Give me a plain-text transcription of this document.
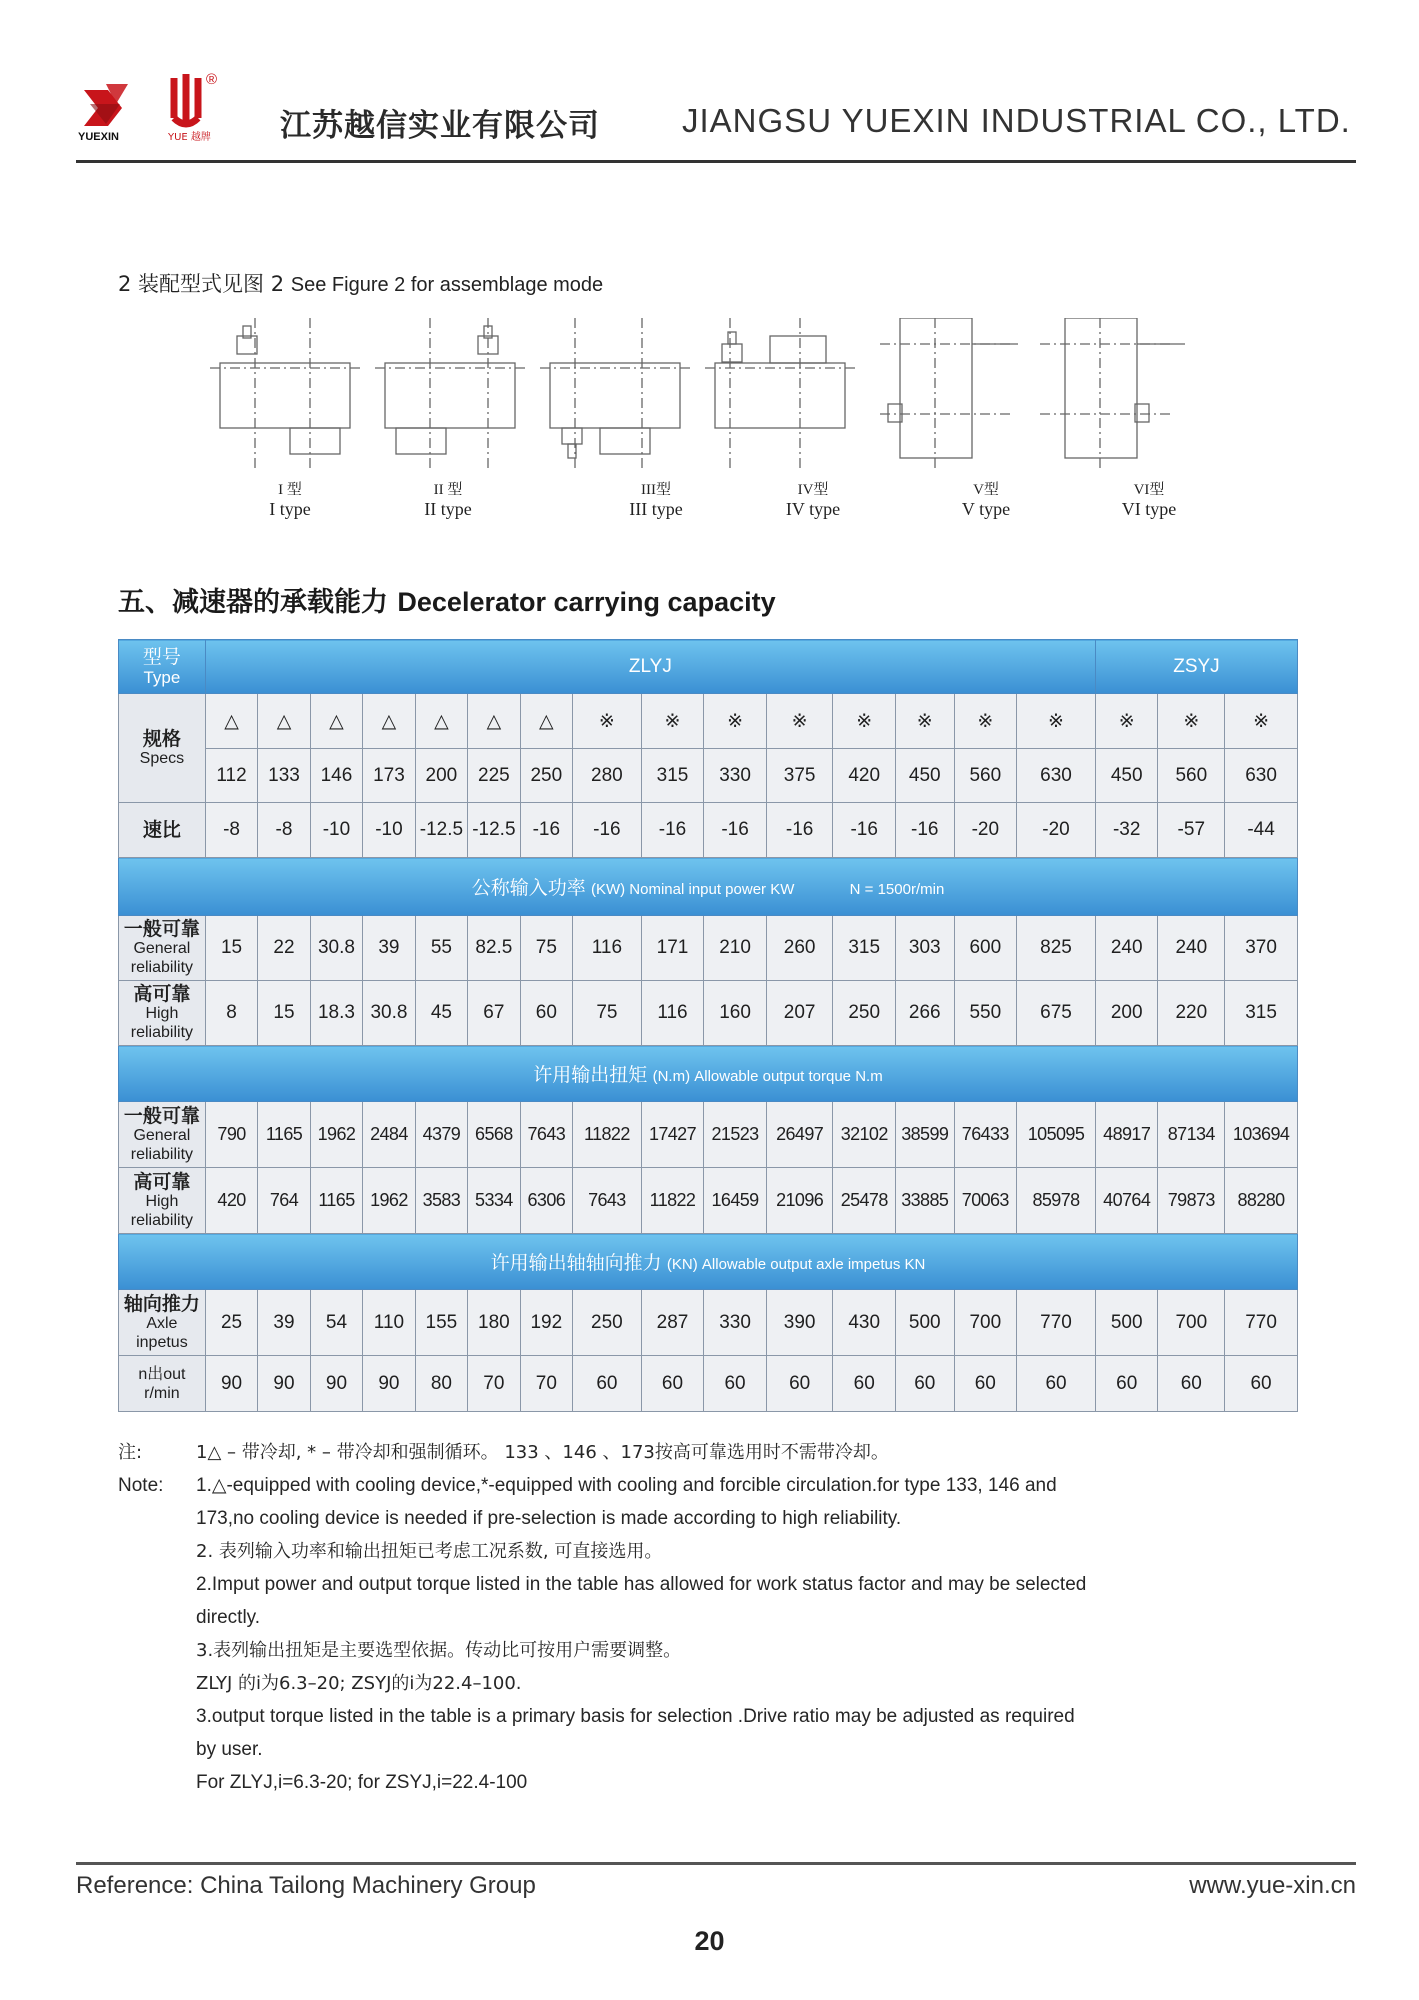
YUEXIN
®
YUE 越牌 江苏越信实业有限公司 JIANGSU YUEXIN INDUSTRIAL CO., LTD.
2 装配型式见图 2 See Figure 2 for assemblage mode
I 型
I type
II 型
II type
III型
III type
IV型
IV type
V型
V type
VI型
VI type
五、减速器的承载能力 Decelerator carrying capacity
型号
Type	ZLYJ															ZSYJ		

规格
Specs	△	△	△	△	△	△	△	※	※	※	※	※	※	※	※	※	※	※
	112	133	146	173	200	225	250	280	315	330	375	420	450	560	630	450	560	630

速比	-8	-8	-10	-10	-12.5	-12.5	-16	-16	-16	-16	-16	-16	-16	-20	-20	-32	-57	-44
公称输入功率 (KW) Nominal input power KW N = 1500r/min																		

一般可靠
General
reliability	15	22	30.8	39	55	82.5	75	116	171	210	260	315	303	600	825	240	240	370

高可靠
High
reliability	8	15	18.3	30.8	45	67	60	75	116	160	207	250	266	550	675	200	220	315
许用输出扭矩 (N.m) Allowable output torque N.m																		

一般可靠
General
reliability	790	1165	1962	2484	4379	6568	7643	11822	17427	21523	26497	32102	38599	76433	105095	48917	87134	103694

高可靠
High
reliability	420	764	1165	1962	3583	5334	6306	7643	11822	16459	21096	25478	33885	70063	85978	40764	79873	88280
许用输出轴轴向推力 (KN) Allowable output axle impetus KN																		

轴向推力
Axle
inpetus	25	39	54	110	155	180	192	250	287	330	390	430	500	700	770	500	700	770

n出out
r/min	90	90	90	90	80	70	70	60	60	60	60	60	60	60	60	60	60	60
注:	1△ – 带冷却, * – 带冷却和强制循环。 133 、146 、173按高可靠选用时不需带冷却。
Note: 1.△-equipped with cooling device,*-equipped with cooling and forcible circulation.for type 133, 146 and
173,no cooling device is needed if pre-selection is made according to high reliability.
2. 表列输入功率和输出扭矩已考虑工况系数, 可直接选用。
2.Imput power and output torque listed in the table has allowed for work status factor and may be selected
directly.
3.表列输出扭矩是主要选型依据。传动比可按用户需要调整。
ZLYJ 的i为6.3–20; ZSYJ的i为22.4–100.
3.output torque listed in the table is a primary basis for selection .Drive ratio may be adjusted as required
by user.
For ZLYJ,i=6.3-20; for ZSYJ,i=22.4-100
Reference: China Tailong Machinery Group	www.yue-xin.cn
20
